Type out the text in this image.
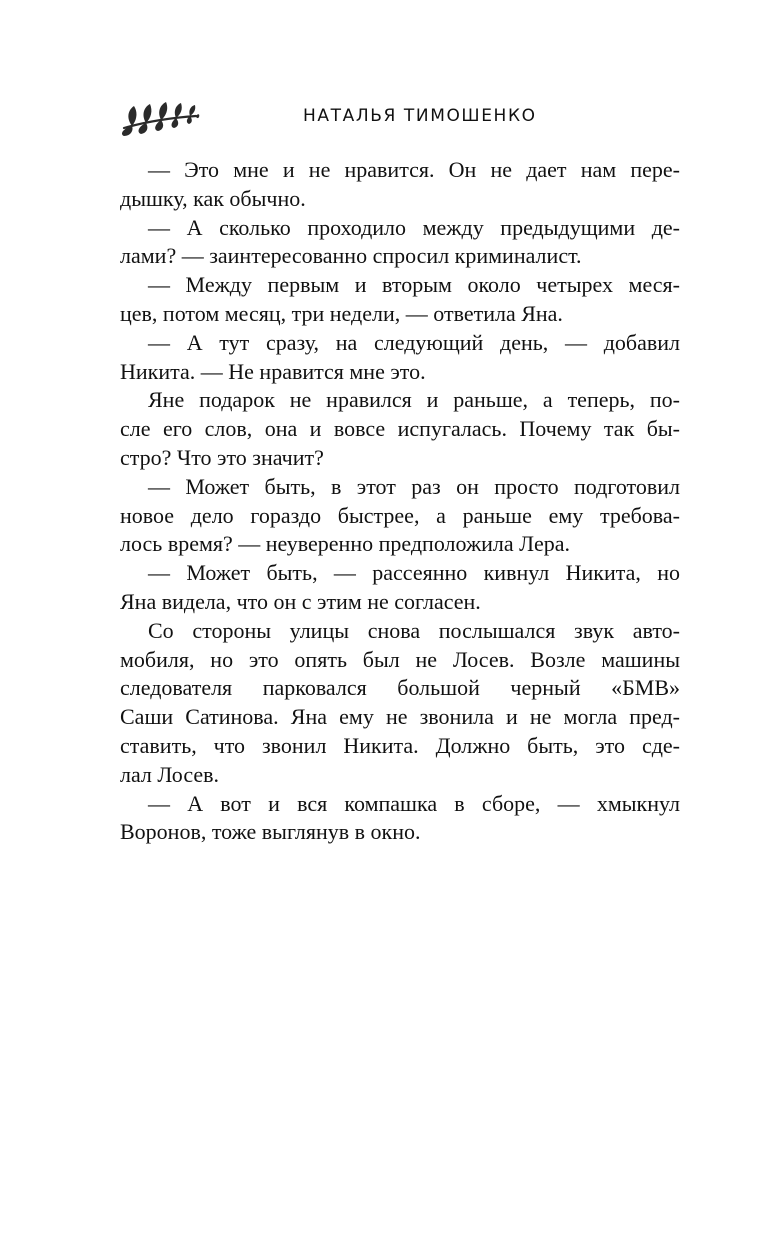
НАТАЛЬЯ ТИМОШЕНКО
— Это мне и не нравится. Он не дает нам пере-
дышку, как обычно.
— А сколько проходило между предыдущими де-
лами? — заинтересованно спросил криминалист.
— Между первым и вторым около четырех меся-
цев, потом месяц, три недели, — ответила Яна.
— А тут сразу, на следующий день, — добавил
Никита. — Не нравится мне это.
Яне подарок не нравился и раньше, а теперь, по-
сле его слов, она и вовсе испугалась. Почему так бы-
стро? Что это значит?
— Может быть, в этот раз он просто подготовил
новое дело гораздо быстрее, а раньше ему требова-
лось время? — неуверенно предположила Лера.
— Может быть, — рассеянно кивнул Никита, но
Яна видела, что он с этим не согласен.
Со стороны улицы снова послышался звук авто-
мобиля, но это опять был не Лосев. Возле машины
следователя парковался большой черный «БМВ»
Саши Сатинова. Яна ему не звонила и не могла пред-
ставить, что звонил Никита. Должно быть, это сде-
лал Лосев.
— А вот и вся компашка в сборе, — хмыкнул
Воронов, тоже выглянув в окно.
